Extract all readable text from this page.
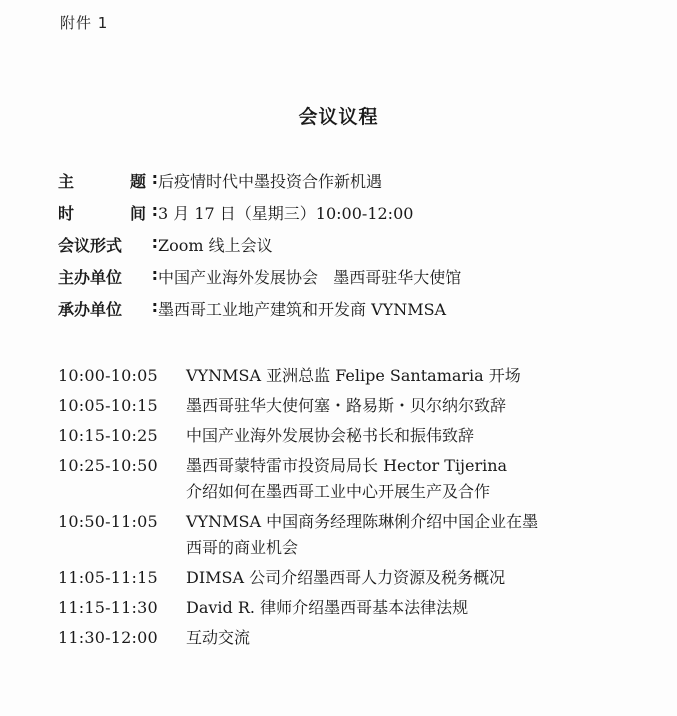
附件 1
会议议程
主	题 : 后疫情时代中墨投资合作新机遇
时	间 : 3 月 17 日（星期三）10:00-12:00
会议形式	: Zoom 线上会议
主办单位	: 中国产业海外发展协会   墨西哥驻华大使馆
承办单位	: 墨西哥工业地产建筑和开发商 VYNMSA
10:00-10:05	VYNMSA 亚洲总监 Felipe Santamaria 开场
10:05-10:15	墨西哥驻华大使何塞・路易斯・贝尔纳尔致辞
10:15-10:25	中国产业海外发展协会秘书长和振伟致辞
10:25-10:50	墨西哥蒙特雷市投资局局长 Hector Tijerina
介绍如何在墨西哥工业中心开展生产及合作
10:50-11:05	VYNMSA 中国商务经理陈琳俐介绍中国企业在墨
西哥的商业机会
11:05-11:15	DIMSA 公司介绍墨西哥人力资源及税务概况
11:15-11:30	David R. 律师介绍墨西哥基本法律法规
11:30-12:00	互动交流
